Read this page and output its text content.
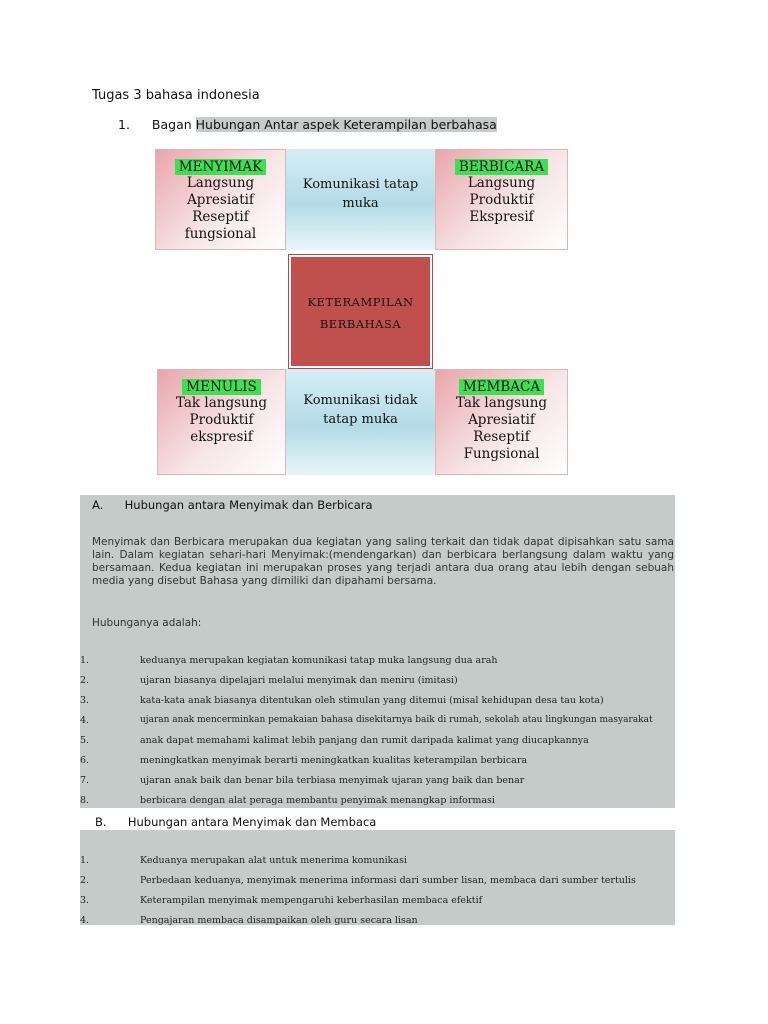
Tugas 3 bahasa indonesia
1. Bagan Hubungan Antar aspek Keterampilan berbahasa
MENYIMAK
Langsung
Apresiatif
Reseptif
fungsional
Komunikasi tatap
muka
BERBICARA
Langsung
Produktif
Ekspresif
KETERAMPILAN
BERBAHASA
MENULIS
Tak langsung
Produktif
ekspresif
Komunikasi tidak
tatap muka
MEMBACA
Tak langsung
Apresiatif
Reseptif
Fungsional
A. Hubungan antara Menyimak dan Berbicara
Menyimak dan Berbicara merupakan dua kegiatan yang saling terkait dan tidak dapat dipisahkan satu sama lain. Dalam kegiatan sehari-hari Menyimak:(mendengarkan) dan berbicara berlangsung dalam waktu yang bersamaan. Kedua kegiatan ini merupakan proses yang terjadi antara dua orang atau lebih dengan sebuah media yang disebut Bahasa yang dimiliki dan dipahami bersama.
Hubunganya adalah:
1.	keduanya merupakan kegiatan komunikasi tatap muka langsung dua arah
2.	ujaran biasanya dipelajari melalui menyimak dan meniru (imitasi)
3.	kata-kata anak biasanya ditentukan oleh stimulan yang ditemui (misal kehidupan desa tau kota)
4.	ujaran anak mencerminkan pemakaian bahasa disekitarnya baik di rumah, sekolah atau lingkungan masyarakat
5.	anak dapat memahami kalimat lebih panjang dan rumit daripada kalimat yang diucapkannya
6.	meningkatkan menyimak berarti meningkatkan kualitas keterampilan berbicara
7.	ujaran anak baik dan benar bila terbiasa menyimak ujaran yang baik dan benar
8.	berbicara dengan alat peraga membantu penyimak menangkap informasi
B. Hubungan antara Menyimak dan Membaca
1.	Keduanya merupakan alat untuk menerima komunikasi
2.	Perbedaan keduanya, menyimak menerima informasi dari sumber lisan, membaca dari sumber tertulis
3.	Keterampilan menyimak mempengaruhi keberhasilan membaca efektif
4.	Pengajaran membaca disampaikan oleh guru secara lisan
